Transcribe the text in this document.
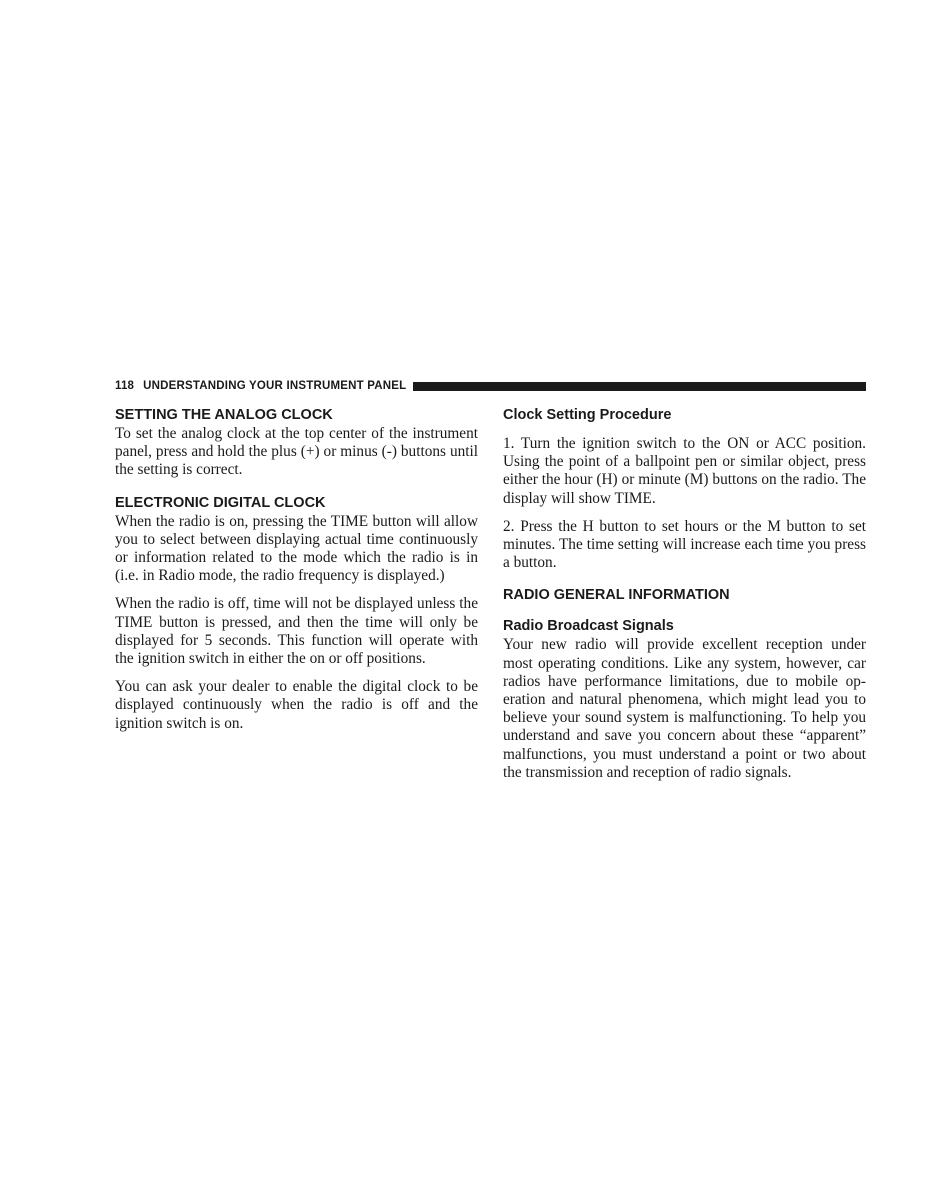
118 UNDERSTANDING YOUR INSTRUMENT PANEL
SETTING THE ANALOG CLOCK

To set the analog clock at the top center of the instrument panel, press and hold the plus (+) or minus (-) buttons until the setting is correct.

ELECTRONIC DIGITAL CLOCK

When the radio is on, pressing the TIME button will allow you to select between displaying actual time continuously or information related to the mode which the radio is in (i.e. in Radio mode, the radio frequency is displayed.)

When the radio is off, time will not be displayed unless the TIME button is pressed, and then the time will only be displayed for 5 seconds. This function will operate with the ignition switch in either the on or off positions.

You can ask your dealer to enable the digital clock to be displayed continuously when the radio is off and the ignition switch is on.

Clock Setting Procedure

1. Turn the ignition switch to the ON or ACC position. Using the point of a ballpoint pen or similar object, press either the hour (H) or minute (M) buttons on the radio. The display will show TIME.

2. Press the H button to set hours or the M button to set minutes. The time setting will increase each time you press a button.

RADIO GENERAL INFORMATION
Radio Broadcast Signals

Your new radio will provide excellent reception under most operating conditions. Like any system, however, car radios have performance limitations, due to mobile operation and natural phenomena, which might lead you to believe your sound system is malfunctioning. To help you understand and save you concern about these “apparent” malfunctions, you must understand a point or two about the transmission and reception of radio signals.
